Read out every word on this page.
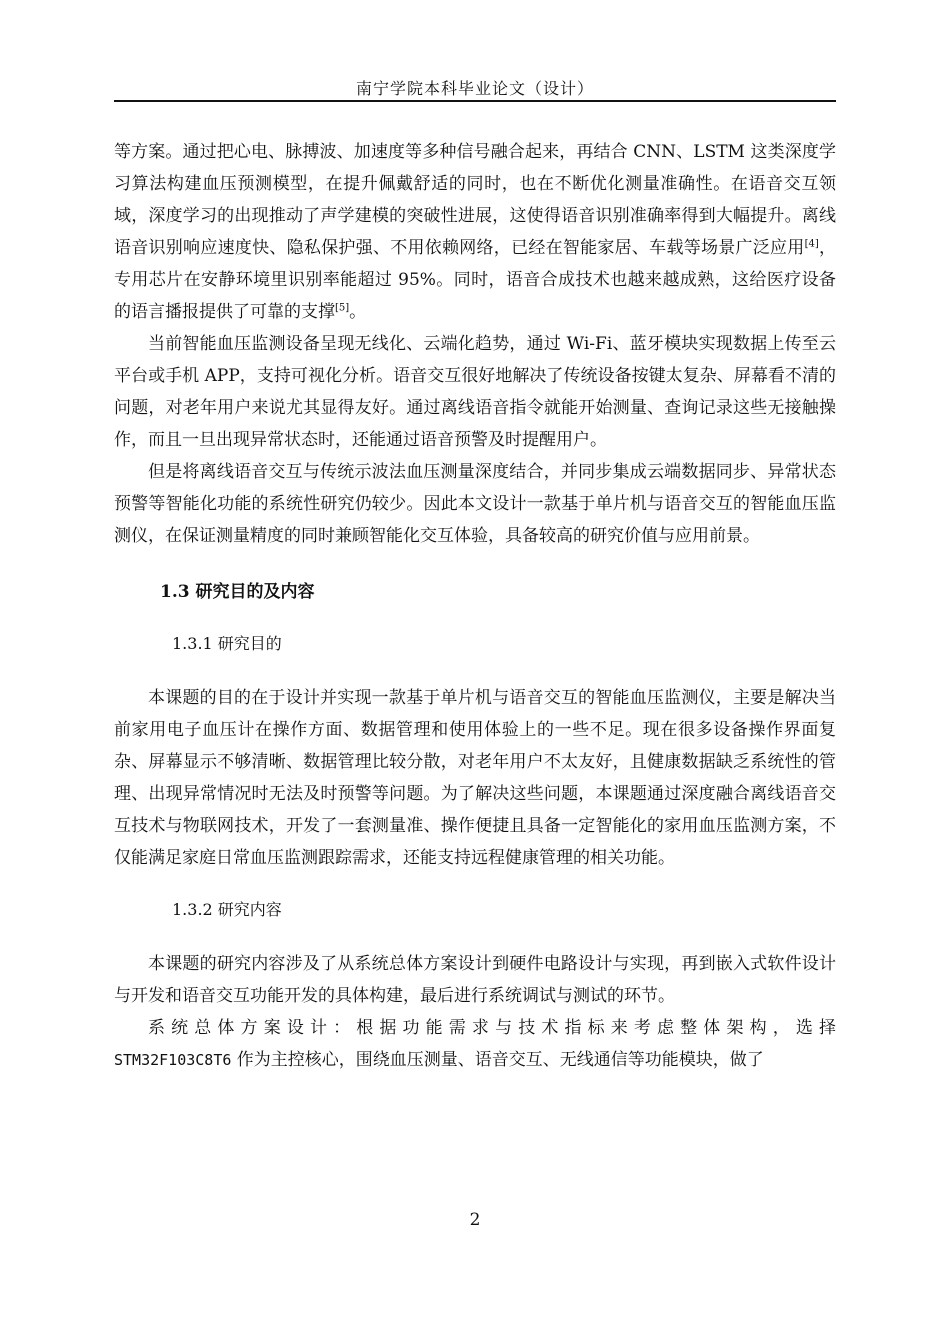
南宁学院本科毕业论文（设计）

等方案。通过把心电、脉搏波、加速度等多种信号融合起来，再结合 CNN、LSTM 这类深度学习算法构建血压预测模型，在提升佩戴舒适的同时，也在不断优化测量准确性。在语音交互领域，深度学习的出现推动了声学建模的突破性进展，这使得语音识别准确率得到大幅提升。离线语音识别响应速度快、隐私保护强、不用依赖网络，已经在智能家居、车载等场景广泛应用[4]，专用芯片在安静环境里识别率能超过 95%。同时，语音合成技术也越来越成熟，这给医疗设备的语言播报提供了可靠的支撑[5]。

当前智能血压监测设备呈现无线化、云端化趋势，通过 Wi-Fi、蓝牙模块实现数据上传至云平台或手机 APP，支持可视化分析。语音交互很好地解决了传统设备按键太复杂、屏幕看不清的问题，对老年用户来说尤其显得友好。通过离线语音指令就能开始测量、查询记录这些无接触操作，而且一旦出现异常状态时，还能通过语音预警及时提醒用户。

但是将离线语音交互与传统示波法血压测量深度结合，并同步集成云端数据同步、异常状态预警等智能化功能的系统性研究仍较少。因此本文设计一款基于单片机与语音交互的智能血压监测仪，在保证测量精度的同时兼顾智能化交互体验，具备较高的研究价值与应用前景。

1.3 研究目的及内容
1.3.1 研究目的

本课题的目的在于设计并实现一款基于单片机与语音交互的智能血压监测仪，主要是解决当前家用电子血压计在操作方面、数据管理和使用体验上的一些不足。现在很多设备操作界面复杂、屏幕显示不够清晰、数据管理比较分散，对老年用户不太友好，且健康数据缺乏系统性的管理、出现异常情况时无法及时预警等问题。为了解决这些问题，本课题通过深度融合离线语音交互技术与物联网技术，开发了一套测量准、操作便捷且具备一定智能化的家用血压监测方案，不仅能满足家庭日常血压监测跟踪需求，还能支持远程健康管理的相关功能。

1.3.2 研究内容

本课题的研究内容涉及了从系统总体方案设计到硬件电路设计与实现，再到嵌入式软件设计与开发和语音交互功能开发的具体构建，最后进行系统调试与测试的环节。

系统总体方案设计：根据功能需求与技术指标来考虑整体架构，选择

STM32F103C8T6 作为主控核心，围绕血压测量、语音交互、无线通信等功能模块，做了

2
